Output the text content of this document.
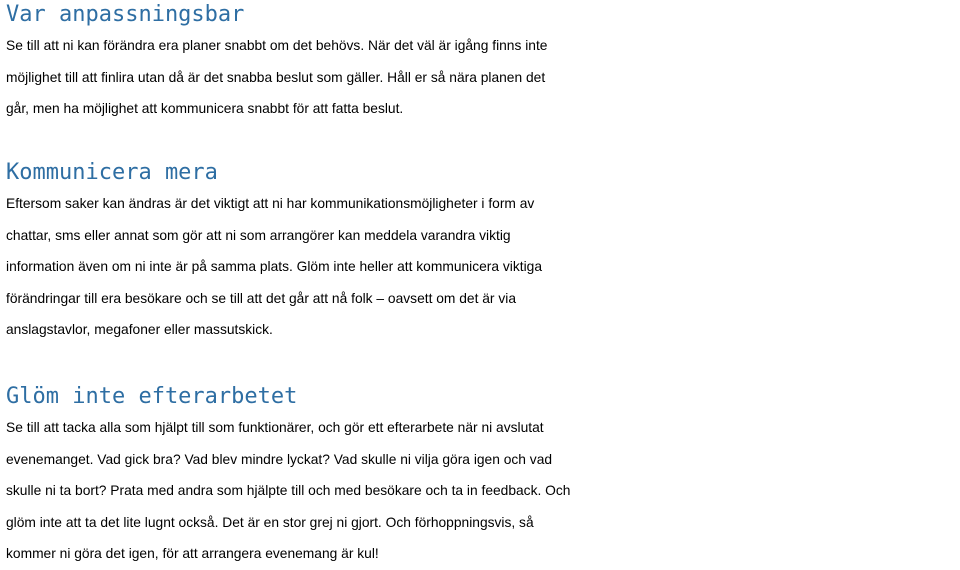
Var anpassningsbar

Se till att ni kan förändra era planer snabbt om det behövs. När det väl är igång finns inte
möjlighet till att finlira utan då är det snabba beslut som gäller. Håll er så nära planen det
går, men ha möjlighet att kommunicera snabbt för att fatta beslut.

Kommunicera mera

Eftersom saker kan ändras är det viktigt att ni har kommunikationsmöjligheter i form av
chattar, sms eller annat som gör att ni som arrangörer kan meddela varandra viktig
information även om ni inte är på samma plats. Glöm inte heller att kommunicera viktiga
förändringar till era besökare och se till att det går att nå folk – oavsett om det är via
anslagstavlor, megafoner eller massutskick.

Glöm inte efterarbetet

Se till att tacka alla som hjälpt till som funktionärer, och gör ett efterarbete när ni avslutat
evenemanget. Vad gick bra? Vad blev mindre lyckat? Vad skulle ni vilja göra igen och vad
skulle ni ta bort? Prata med andra som hjälpte till och med besökare och ta in feedback. Och
glöm inte att ta det lite lugnt också. Det är en stor grej ni gjort. Och förhoppningsvis, så
kommer ni göra det igen, för att arrangera evenemang är kul!
